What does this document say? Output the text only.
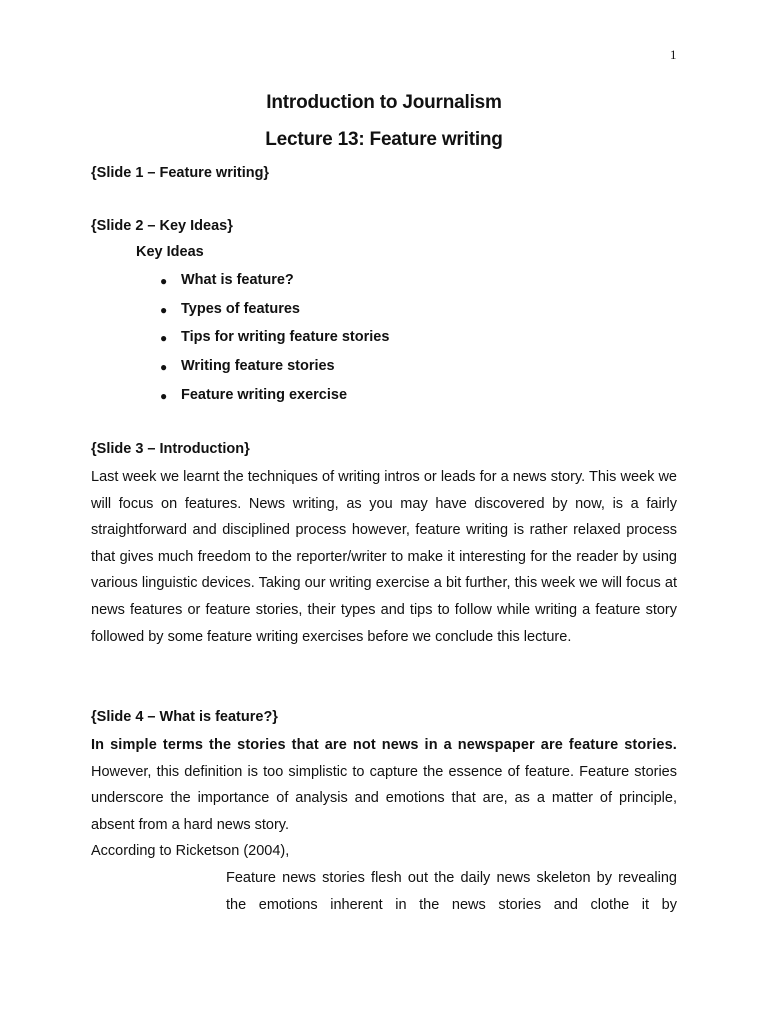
1
Introduction to Journalism
Lecture 13: Feature writing
{Slide 1 – Feature writing}
{Slide 2 – Key Ideas}
Key Ideas
● What is feature?
● Types of features
● Tips for writing feature stories
● Writing feature stories
● Feature writing exercise
{Slide 3 – Introduction}

Last week we learnt the techniques of writing intros or leads for a news story. This week we will focus on features. News writing, as you may have discovered by now, is a fairly straightforward and disciplined process however, feature writing is rather relaxed process that gives much freedom to the reporter/writer to make it interesting for the reader by using various linguistic devices. Taking our writing exercise a bit further, this week we will focus at news features or feature stories, their types and tips to follow while writing a feature story followed by some feature writing exercises before we conclude this lecture.

{Slide 4 – What is feature?}

In simple terms the stories that are not news in a newspaper are feature stories. However, this definition is too simplistic to capture the essence of feature. Feature stories underscore the importance of analysis and emotions that are, as a matter of principle, absent from a hard news story.

According to Ricketson (2004),

Feature news stories flesh out the daily news skeleton by revealing the emotions inherent in the news stories and clothe it by
